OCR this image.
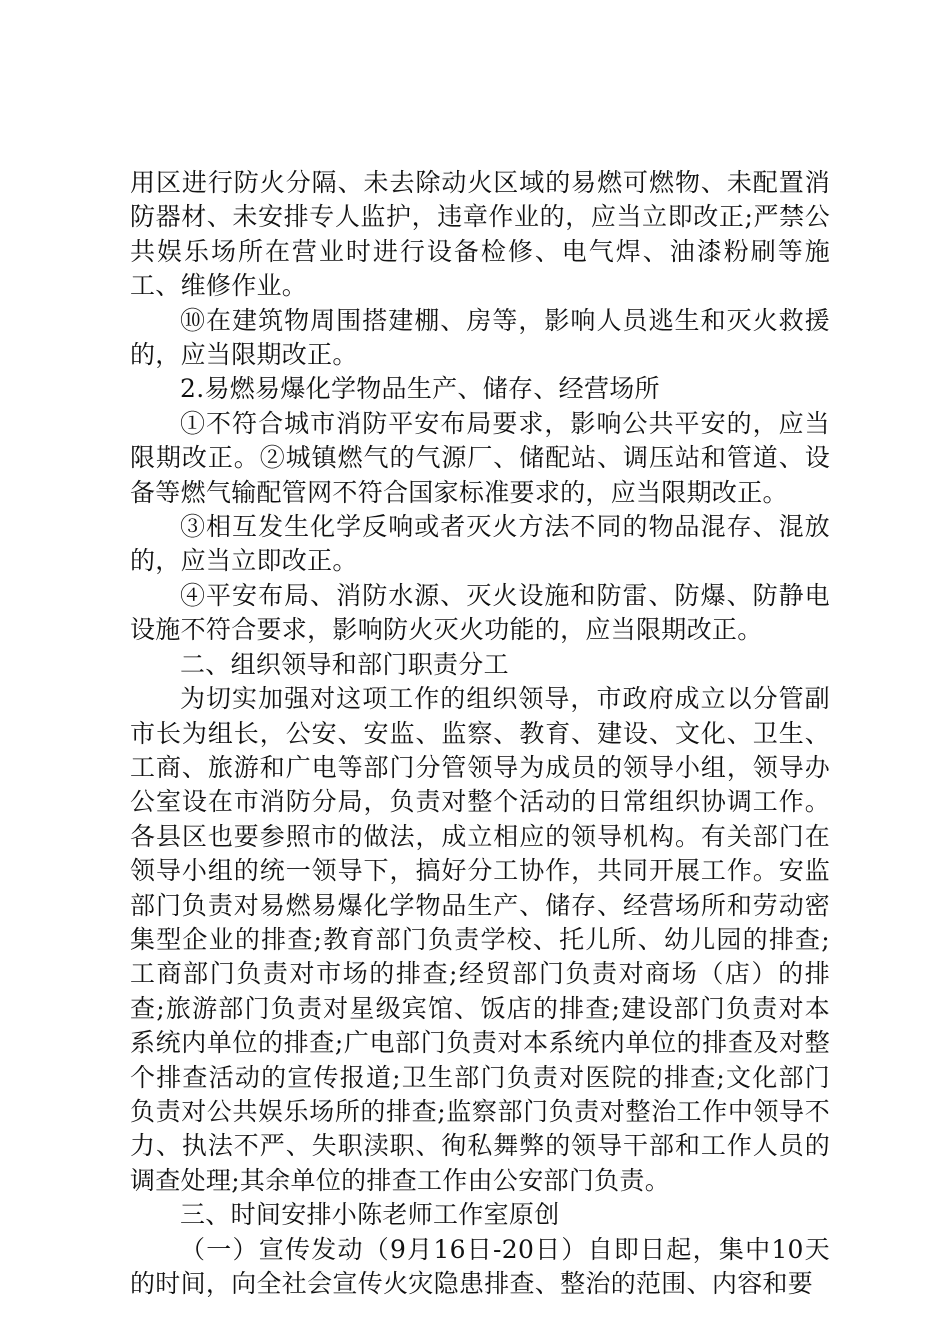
用区进行防火分隔、未去除动火区域的易燃可燃物、未配置消防器材、未安排专人监护，违章作业的，应当立即改正;严禁公共娱乐场所在营业时进行设备检修、电气焊、油漆粉刷等施工、维修作业。

⑩在建筑物周围搭建棚、房等，影响人员逃生和灭火救援的，应当限期改正。

2.易燃易爆化学物品生产、储存、经营场所

①不符合城市消防平安布局要求，影响公共平安的，应当限期改正。②城镇燃气的气源厂、储配站、调压站和管道、设备等燃气输配管网不符合国家标准要求的，应当限期改正。

③相互发生化学反响或者灭火方法不同的物品混存、混放的，应当立即改正。

④平安布局、消防水源、灭火设施和防雷、防爆、防静电设施不符合要求，影响防火灭火功能的，应当限期改正。

二、组织领导和部门职责分工

为切实加强对这项工作的组织领导，市政府成立以分管副市长为组长，公安、安监、监察、教育、建设、文化、卫生、工商、旅游和广电等部门分管领导为成员的领导小组，领导办公室设在市消防分局，负责对整个活动的日常组织协调工作。各县区也要参照市的做法，成立相应的领导机构。有关部门在领导小组的统一领导下，搞好分工协作，共同开展工作。安监部门负责对易燃易爆化学物品生产、储存、经营场所和劳动密集型企业的排查;教育部门负责学校、托儿所、幼儿园的排查;工商部门负责对市场的排查;经贸部门负责对商场（店）的排查;旅游部门负责对星级宾馆、饭店的排查;建设部门负责对本系统内单位的排查;广电部门负责对本系统内单位的排查及对整个排查活动的宣传报道;卫生部门负责对医院的排查;文化部门负责对公共娱乐场所的排查;监察部门负责对整治工作中领导不力、执法不严、失职渎职、徇私舞弊的领导干部和工作人员的调查处理;其余单位的排查工作由公安部门负责。

三、时间安排小陈老师工作室原创

（一）宣传发动（9月16日-20日）自即日起，集中10天的时间，向全社会宣传火灾隐患排查、整治的范围、内容和要
